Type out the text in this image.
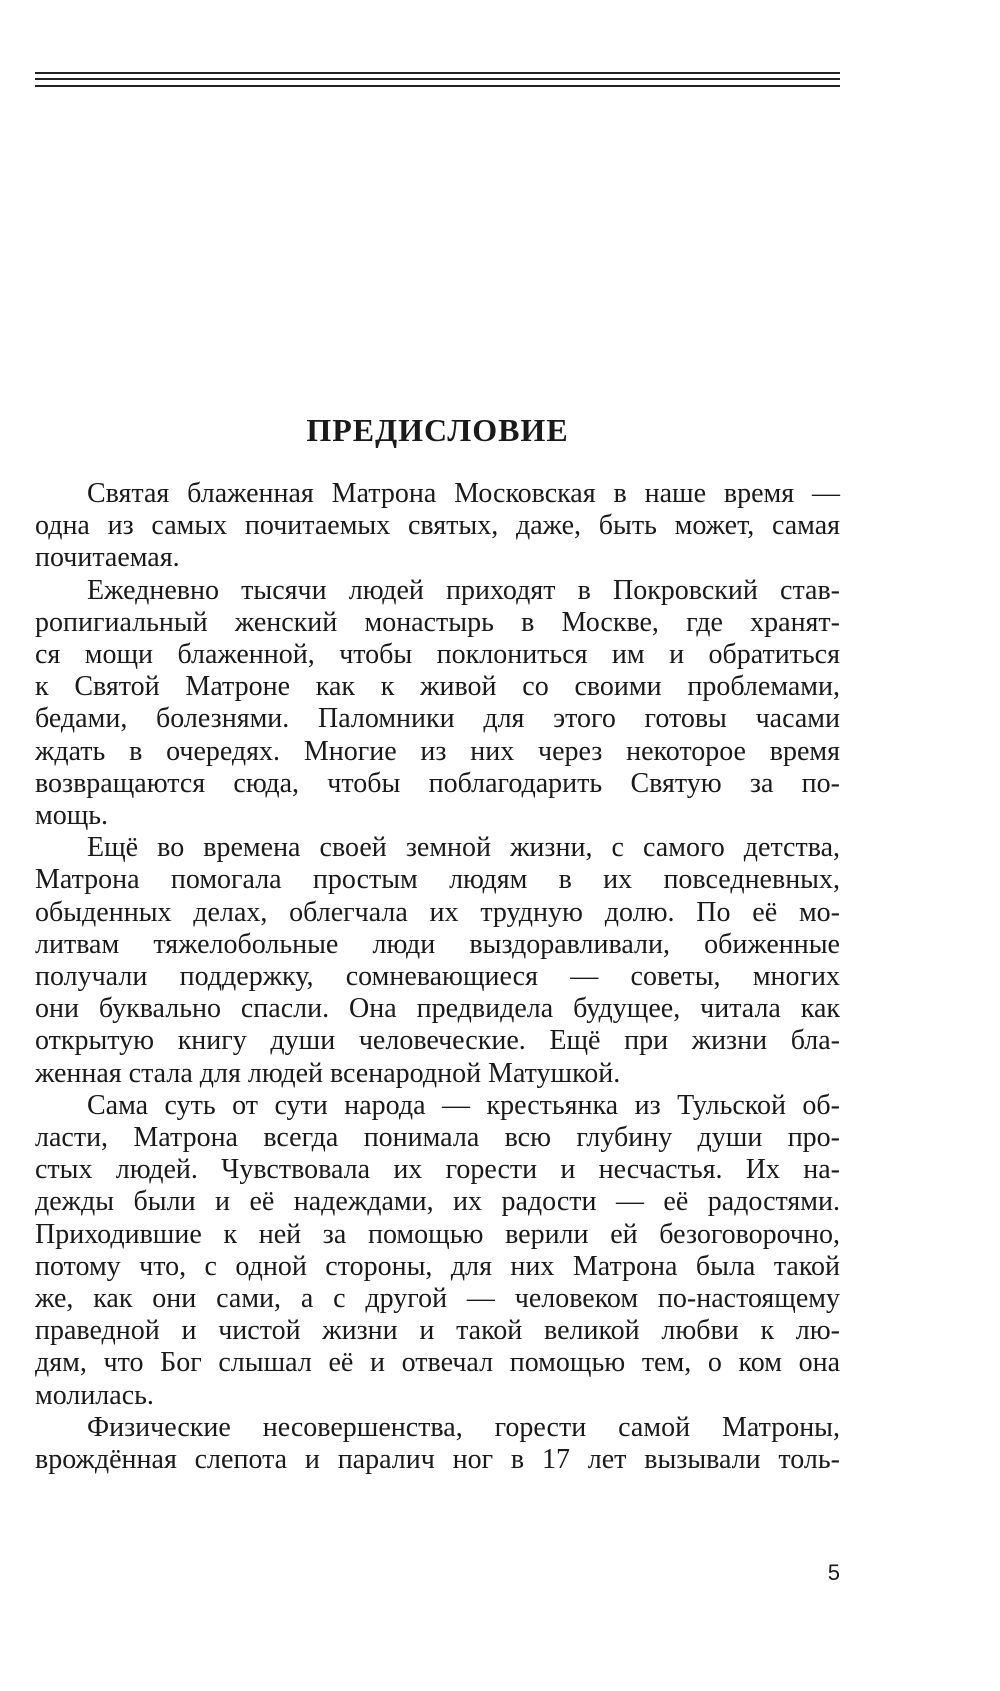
ПРЕДИСЛОВИЕ

Святая блаженная Матрона Московская в наше время —
одна из самых почитаемых святых, даже, быть может, самая
почитаемая.

Ежедневно тысячи людей приходят в Покровский став-
ропигиальный женский монастырь в Москве, где хранят-
ся мощи блаженной, чтобы поклониться им и обратиться
к Святой Матроне как к живой со своими проблемами,
бедами, болезнями. Паломники для этого готовы часами
ждать в очередях. Многие из них через некоторое время
возвращаются сюда, чтобы поблагодарить Святую за по-
мощь.

Ещё во времена своей земной жизни, с самого детства,
Матрона помогала простым людям в их повседневных,
обыденных делах, облегчала их трудную долю. По её мо-
литвам тяжелобольные люди выздоравливали, обиженные
получали поддержку, сомневающиеся — советы, многих
они буквально спасли. Она предвидела будущее, читала как
открытую книгу души человеческие. Ещё при жизни бла-
женная стала для людей всенародной Матушкой.

Сама суть от сути народа — крестьянка из Тульской об-
ласти, Матрона всегда понимала всю глубину души про-
стых людей. Чувствовала их горести и несчастья. Их на-
дежды были и её надеждами, их радости — её радостями.
Приходившие к ней за помощью верили ей безоговорочно,
потому что, с одной стороны, для них Матрона была такой
же, как они сами, а с другой — человеком по-настоящему
праведной и чистой жизни и такой великой любви к лю-
дям, что Бог слышал её и отвечал помощью тем, о ком она
молилась.

Физические несовершенства, горести самой Матроны,
врождённая слепота и паралич ног в 17 лет вызывали толь-

5
